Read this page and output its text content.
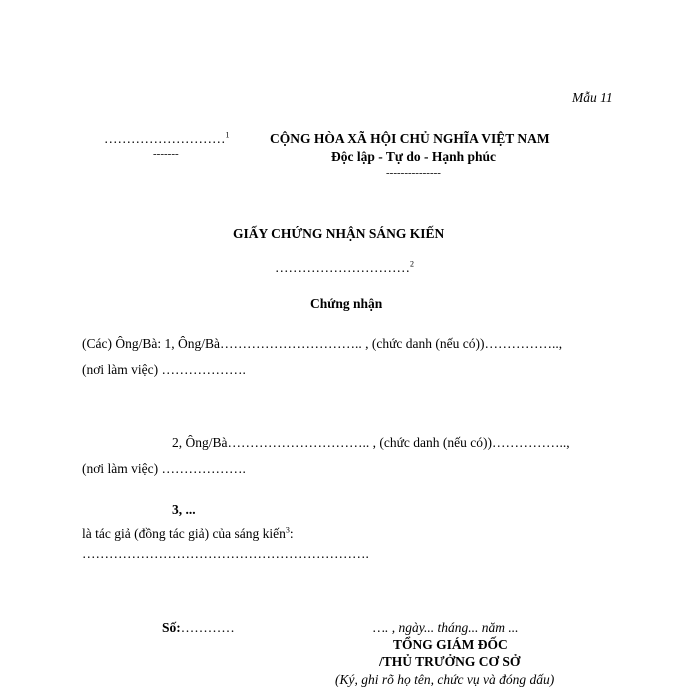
Mẫu 11
………………………$^1$
-------
CỘNG HÒA XÃ HỘI CHỦ NGHĨA VIỆT NAM
Độc lập - Tự do - Hạnh phúc
---------------
GIẤY CHỨNG NHẬN SÁNG KIẾN
…………………………$^2$
Chứng nhận
(Các) Ông/Bà: 1, Ông/Bà………………………….. , (chức danh (nếu có))……………..,
(nơi làm việc) ……………….
2, Ông/Bà………………………….. , (chức danh (nếu có))……………..,
(nơi làm việc) ……………….
3, ...
là tác giả (đồng tác giả) của sáng kiến$^3$:
……………………………………………………….
Số:…………	…. , ngày... tháng... năm ...
TỔNG GIÁM ĐỐC
/THỦ TRƯỞNG CƠ SỞ
(Ký, ghi rõ họ tên, chức vụ và đóng dấu)
